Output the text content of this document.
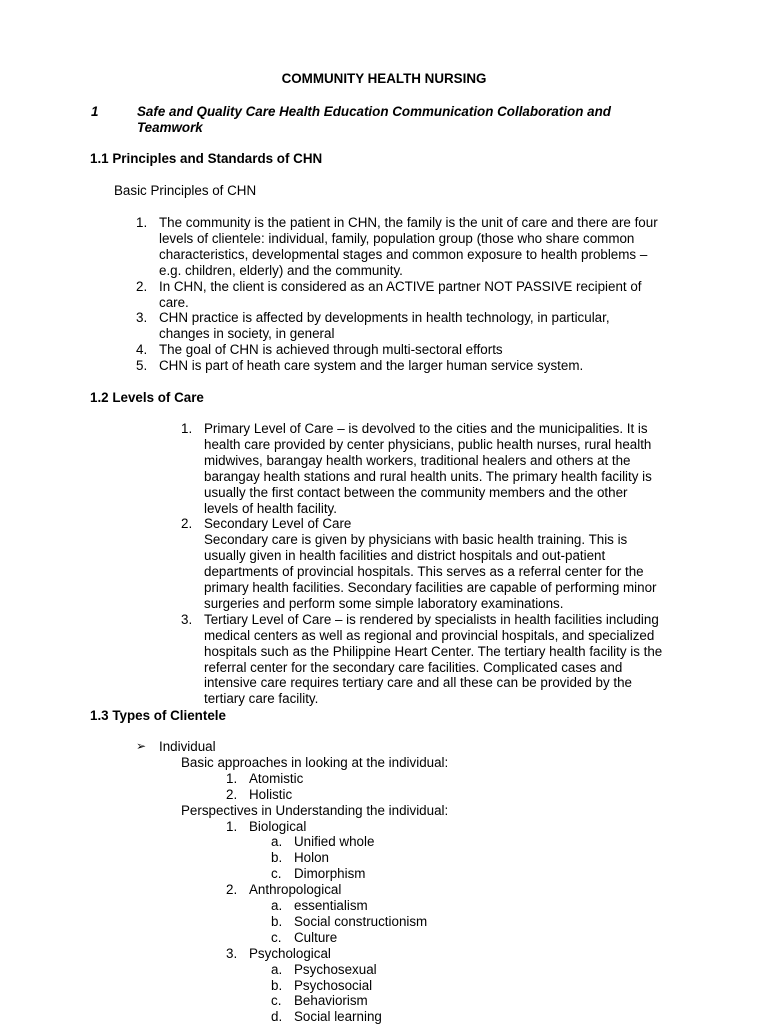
COMMUNITY HEALTH NURSING
1	Safe and Quality Care Health Education Communication Collaboration and Teamwork
1.1 Principles and Standards of CHN
Basic Principles of CHN
1. The community is the patient in CHN, the family is the unit of care and there are four
levels of clientele: individual, family, population group (those who share common
characteristics, developmental stages and common exposure to health problems –
e.g. children, elderly) and the community.
2. In CHN, the client is considered as an ACTIVE partner NOT PASSIVE recipient of
care.
3. CHN practice is affected by developments in health technology, in particular,
changes in society, in general
4. The goal of CHN is achieved through multi-sectoral efforts
5. CHN is part of heath care system and the larger human service system.
1.2 Levels of Care
1. Primary Level of Care – is devolved to the cities and the municipalities. It is
health care provided by center physicians, public health nurses, rural health
midwives, barangay health workers, traditional healers and others at the
barangay health stations and rural health units. The primary health facility is
usually the first contact between the community members and the other
levels of health facility.
2. Secondary Level of Care
Secondary care is given by physicians with basic health training. This is
usually given in health facilities and district hospitals and out-patient
departments of provincial hospitals. This serves as a referral center for the
primary health facilities. Secondary facilities are capable of performing minor
surgeries and perform some simple laboratory examinations.
3. Tertiary Level of Care – is rendered by specialists in health facilities including
medical centers as well as regional and provincial hospitals, and specialized
hospitals such as the Philippine Heart Center. The tertiary health facility is the
referral center for the secondary care facilities. Complicated cases and
intensive care requires tertiary care and all these can be provided by the
tertiary care facility.
1.3 Types of Clientele
➢ Individual
Basic approaches in looking at the individual:
1. Atomistic
2. Holistic
Perspectives in Understanding the individual:
1. Biological
a. Unified whole
b. Holon
c. Dimorphism
2. Anthropological
a. essentialism
b. Social constructionism
c. Culture
3. Psychological
a. Psychosexual
b. Psychosocial
c. Behaviorism
d. Social learning
